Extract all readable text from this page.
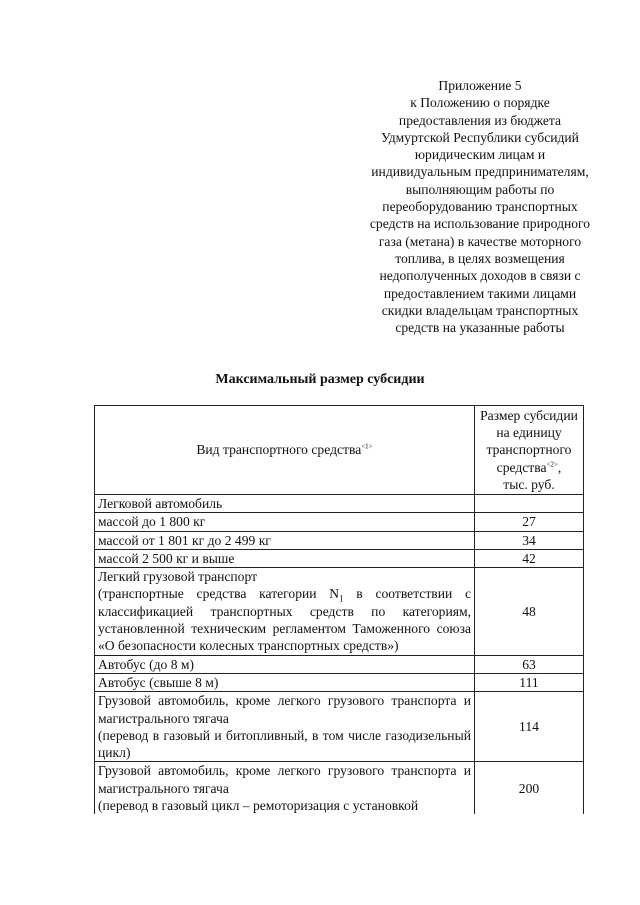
Приложение 5
к Положению о порядке
предоставления из бюджета
Удмуртской Республики субсидий
юридическим лицам и
индивидуальным предпринимателям,
выполняющим работы по
переоборудованию транспортных
средств на использование природного
газа (метана) в качестве моторного
топлива, в целях возмещения
недополученных доходов в связи с
предоставлением такими лицами
скидки владельцам транспортных
средств на указанные работы
Максимальный размер субсидии
Вид транспортного средства$^{<1>}$	Размер субсидии
на единицу
транспортного
средства$^{<2>}$,
тыс. руб.

Легковой автомобиль	
массой до 1 800 кг	27
массой от 1 801 кг до 2 499 кг	34
массой 2 500 кг и выше	42

Легкий грузовой транспорт
(транспортные средства категории $N_1$ в соответствии с классификацией транспортных средств по категориям, установленной техническим регламентом Таможенного союза «О безопасности колесных транспортных средств»)	48
Автобус (до 8 м)	63
Автобус (свыше 8 м)	111

Грузовой автомобиль, кроме легкого грузового транспорта и магистрального тягача
(перевод в газовый и битопливный, в том числе газодизельный цикл)	114

Грузовой автомобиль, кроме легкого грузового транспорта и магистрального тягача
(перевод в газовый цикл – ремоторизация с установкой	200
